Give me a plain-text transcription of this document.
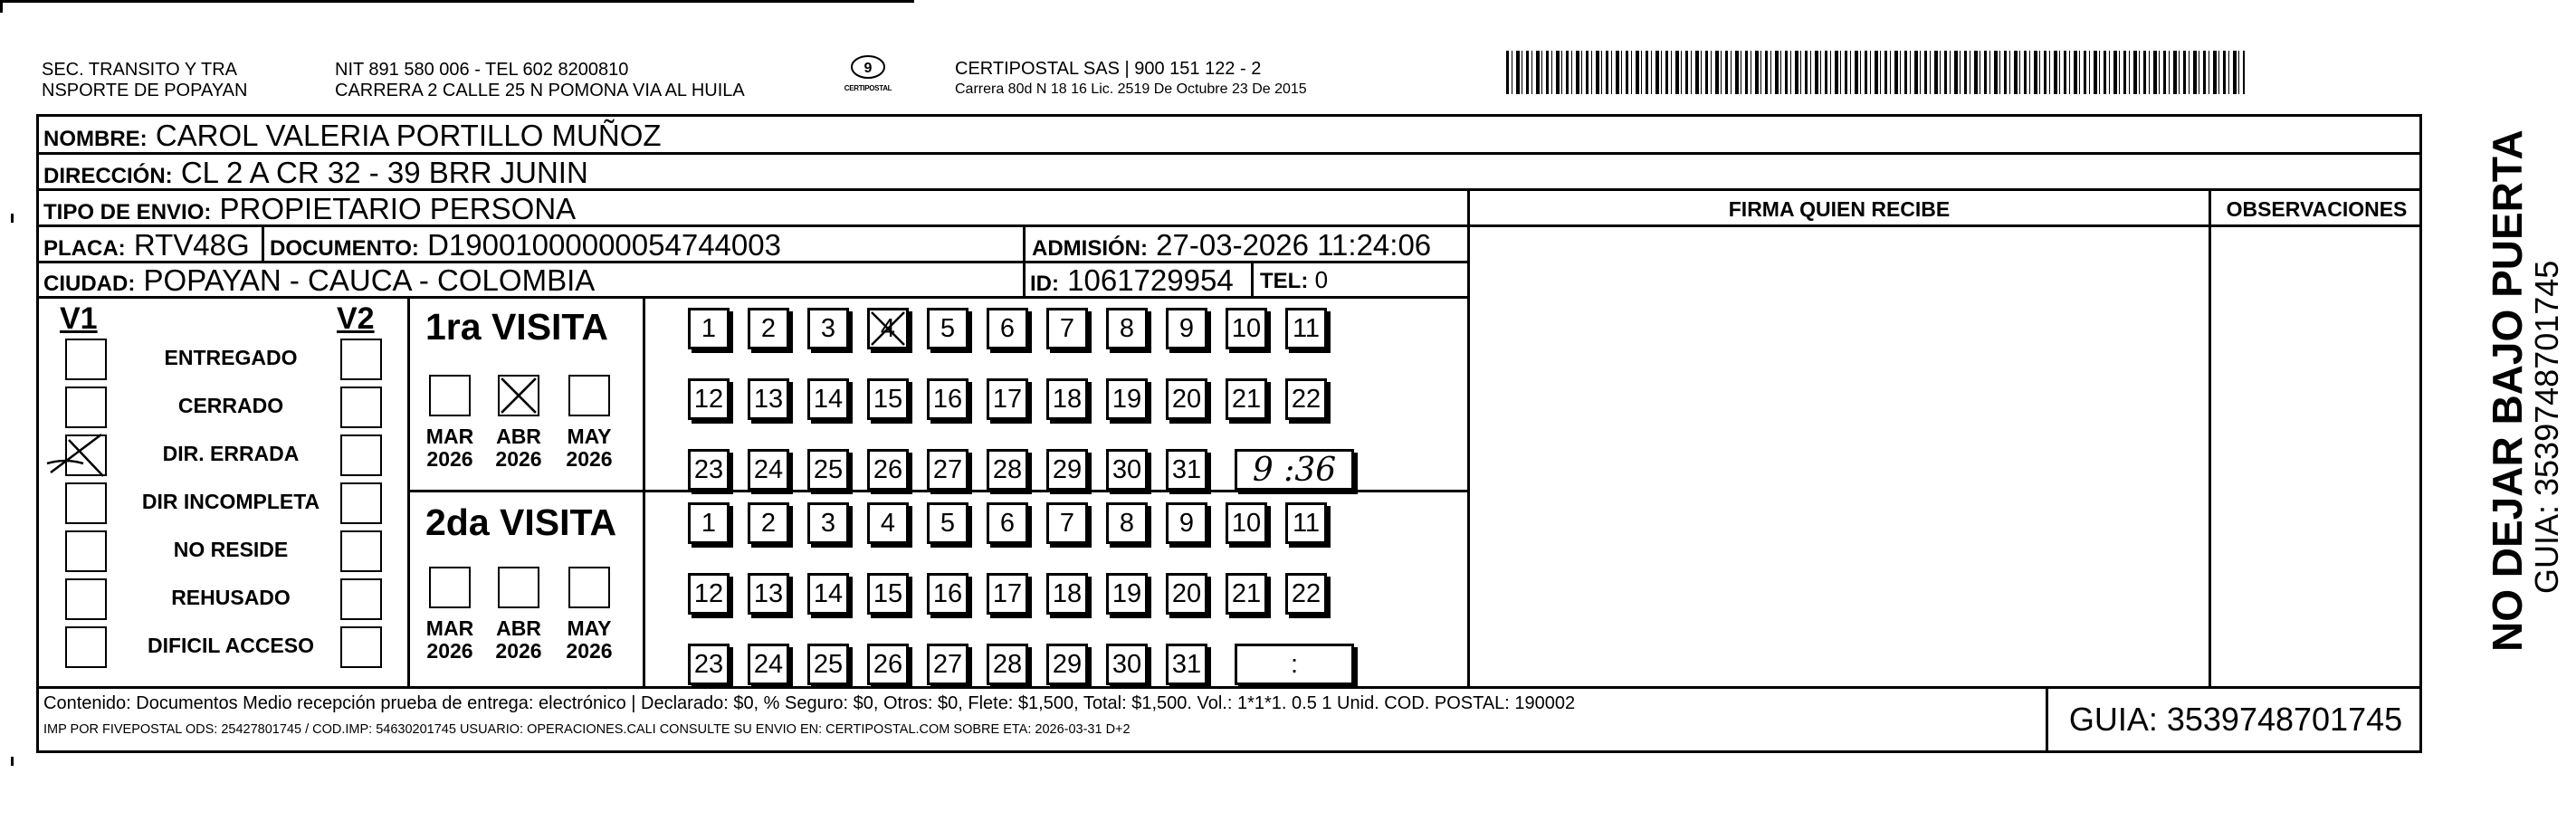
SEC. TRANSITO Y TRA
NSPORTE DE POPAYAN
NIT 891 580 006 - TEL 602 8200810
CARRERA 2 CALLE 25 N POMONA VIA AL HUILA
9
CERTIPOSTAL
CERTIPOSTAL SAS | 900 151 122 - 2
Carrera 80d N 18 16 Lic. 2519 De Octubre 23 De 2015
NOMBRE: CAROL VALERIA PORTILLO MUÑOZ
DIRECCIÓN: CL 2 A CR 32 - 39 BRR JUNIN
TIPO DE ENVIO: PROPIETARIO PERSONA
PLACA: RTV48G DOCUMENTO: D19001000000054744003	ADMISIÓN: 27-03-2026 11:24:06
CIUDAD: POPAYAN - CAUCA - COLOMBIA	ID: 1061729954 TEL: 0
FIRMA QUIEN RECIBE	OBSERVACIONES
V1	V2 1ra VISITA
2da VISITA
Contenido: Documentos Medio recepción prueba de entrega: electrónico | Declarado: $0, % Seguro: $0, Otros: $0, Flete: $1,500, Total: $1,500. Vol.: 1*1*1. 0.5 1 Unid. COD. POSTAL: 190002
IMP POR FIVEPOSTAL ODS: 25427801745 / COD.IMP: 54630201745 USUARIO: OPERACIONES.CALI CONSULTE SU ENVIO EN: CERTIPOSTAL.COM SOBRE ETA: 2026-03-31 D+2	GUIA: 3539748701745
NO DEJAR BAJO PUERTA
GUIA: 3539748701745
ENTREGADO
CERRADO
DIR. ERRADA
DIR INCOMPLETA
NO RESIDE
REHUSADO
DIFICIL ACCESO
MAR
2026
ABR
2026
MAY
2026
MAR
2026
ABR
2026
MAY
2026
1	2	3	4	5	6	7	8	9	10 11
12 13 14 15 16 17 18 19 20 21 22
23 24 25 26 27 28 29 30 31	9 :36
1	2	3	4	5	6	7	8	9	10 11
12 13 14 15 16 17 18 19 20 21 22
23 24 25 26 27 28 29 30 31	:
